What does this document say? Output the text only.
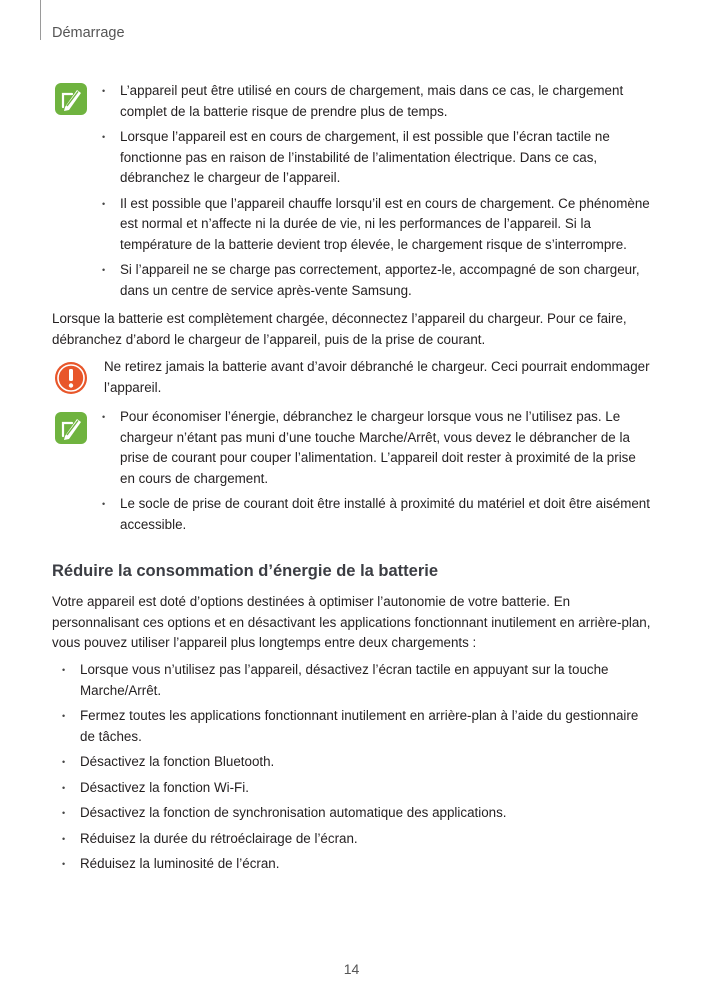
Démarrage
• L’appareil peut être utilisé en cours de chargement, mais dans ce cas, le chargement complet de la batterie risque de prendre plus de temps.
• Lorsque l’appareil est en cours de chargement, il est possible que l’écran tactile ne fonctionne pas en raison de l’instabilité de l’alimentation électrique. Dans ce cas, débranchez le chargeur de l’appareil.
• Il est possible que l’appareil chauffe lorsqu’il est en cours de chargement. Ce phénomène est normal et n’affecte ni la durée de vie, ni les performances de l’appareil. Si la température de la batterie devient trop élevée, le chargement risque de s’interrompre.
• Si l’appareil ne se charge pas correctement, apportez-le, accompagné de son chargeur, dans un centre de service après-vente Samsung.

Lorsque la batterie est complètement chargée, déconnectez l’appareil du chargeur. Pour ce faire, débranchez d’abord le chargeur de l’appareil, puis de la prise de courant.

Ne retirez jamais la batterie avant d’avoir débranché le chargeur. Ceci pourrait endommager l’appareil.

• Pour économiser l’énergie, débranchez le chargeur lorsque vous ne l’utilisez pas. Le chargeur n’étant pas muni d’une touche Marche/Arrêt, vous devez le débrancher de la prise de courant pour couper l’alimentation. L’appareil doit rester à proximité de la prise en cours de chargement.
• Le socle de prise de courant doit être installé à proximité du matériel et doit être aisément accessible.
Réduire la consommation d’énergie de la batterie

Votre appareil est doté d’options destinées à optimiser l’autonomie de votre batterie. En personnalisant ces options et en désactivant les applications fonctionnant inutilement en arrière-plan, vous pouvez utiliser l’appareil plus longtemps entre deux chargements :

• Lorsque vous n’utilisez pas l’appareil, désactivez l’écran tactile en appuyant sur la touche Marche/Arrêt.
• Fermez toutes les applications fonctionnant inutilement en arrière-plan à l’aide du gestionnaire de tâches.
• Désactivez la fonction Bluetooth.
• Désactivez la fonction Wi-Fi.
• Désactivez la fonction de synchronisation automatique des applications.
• Réduisez la durée du rétroéclairage de l’écran.
• Réduisez la luminosité de l’écran.
14
